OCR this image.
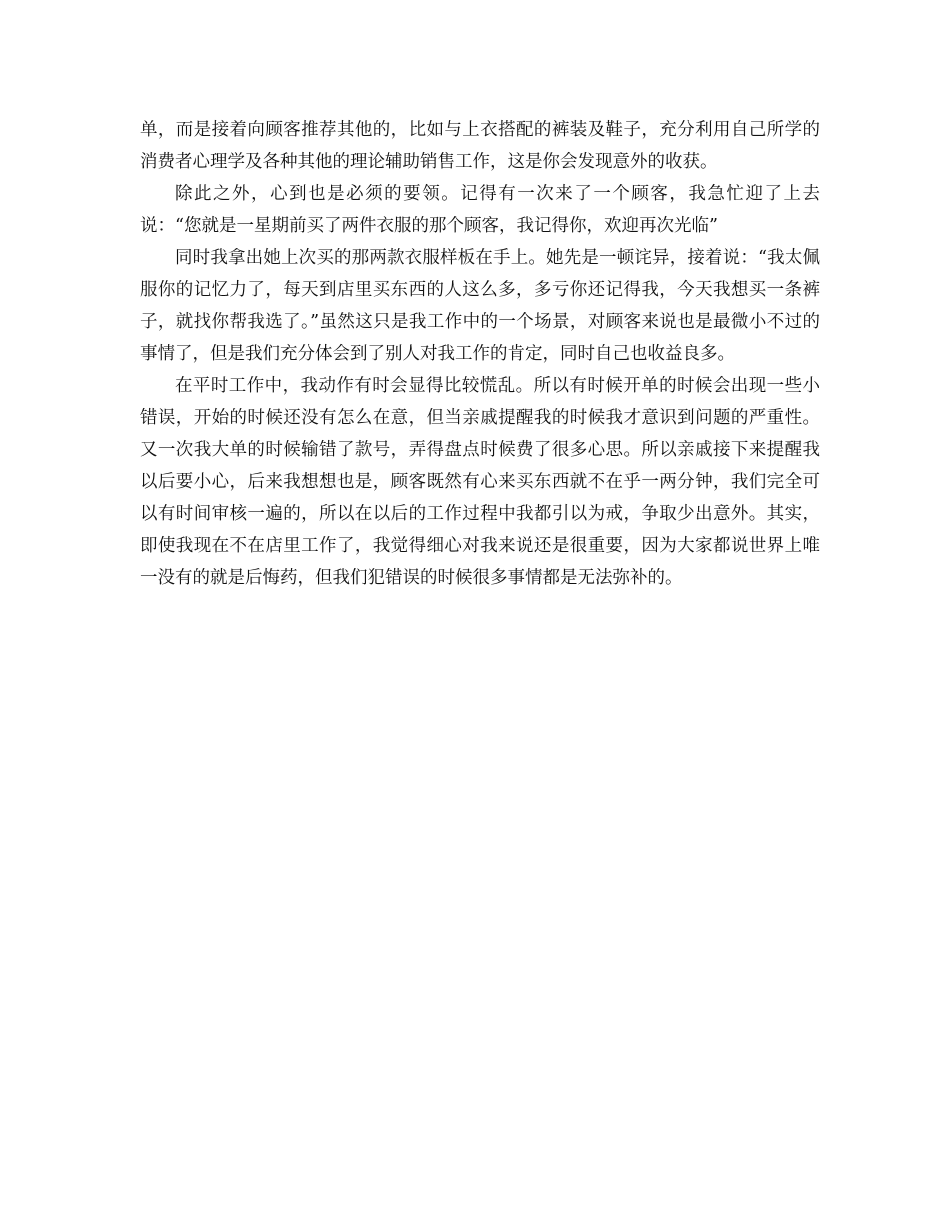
单，而是接着向顾客推荐其他的，比如与上衣搭配的裤装及鞋子，充分利用自己所学的消费者心理学及各种其他的理论辅助销售工作，这是你会发现意外的收获。

除此之外，心到也是必须的要领。记得有一次来了一个顾客，我急忙迎了上去说：“您就是一星期前买了两件衣服的那个顾客，我记得你，欢迎再次光临”

同时我拿出她上次买的那两款衣服样板在手上。她先是一顿诧异，接着说：“我太佩服你的记忆力了，每天到店里买东西的人这么多，多亏你还记得我，今天我想买一条裤子，就找你帮我选了。”虽然这只是我工作中的一个场景，对顾客来说也是最微小不过的事情了，但是我们充分体会到了别人对我工作的肯定，同时自己也收益良多。

在平时工作中，我动作有时会显得比较慌乱。所以有时候开单的时候会出现一些小错误，开始的时候还没有怎么在意，但当亲戚提醒我的时候我才意识到问题的严重性。又一次我大单的时候输错了款号，弄得盘点时候费了很多心思。所以亲戚接下来提醒我以后要小心，后来我想想也是，顾客既然有心来买东西就不在乎一两分钟，我们完全可以有时间审核一遍的，所以在以后的工作过程中我都引以为戒，争取少出意外。其实，即使我现在不在店里工作了，我觉得细心对我来说还是很重要，因为大家都说世界上唯一没有的就是后悔药，但我们犯错误的时候很多事情都是无法弥补的。
